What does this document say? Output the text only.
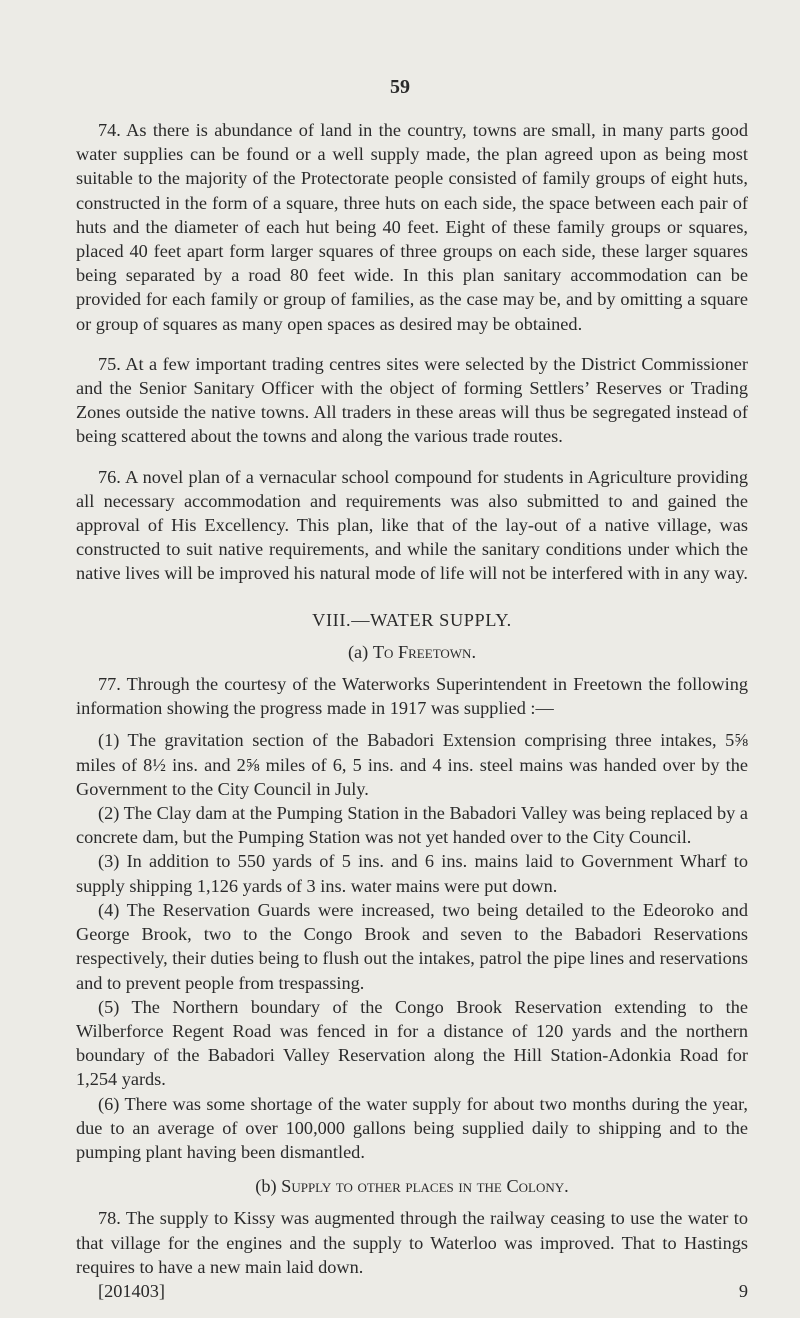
59

74. As there is abundance of land in the country, towns are small, in many parts good water supplies can be found or a well supply made, the plan agreed upon as being most suitable to the majority of the Protectorate people consisted of family groups of eight huts, constructed in the form of a square, three huts on each side, the space between each pair of huts and the diameter of each hut being 40 feet. Eight of these family groups or squares, placed 40 feet apart form larger squares of three groups on each side, these larger squares being separated by a road 80 feet wide. In this plan sanitary accommodation can be provided for each family or group of families, as the case may be, and by omitting a square or group of squares as many open spaces as desired may be obtained.

75. At a few important trading centres sites were selected by the District Commissioner and the Senior Sanitary Officer with the object of forming Settlers’ Reserves or Trading Zones outside the native towns. All traders in these areas will thus be segregated instead of being scattered about the towns and along the various trade routes.

76. A novel plan of a vernacular school compound for students in Agriculture providing all necessary accommodation and requirements was also submitted to and gained the approval of His Excellency. This plan, like that of the lay-out of a native village, was constructed to suit native requirements, and while the sanitary conditions under which the native lives will be improved his natural mode of life will not be interfered with in any way.

VIII.—WATER SUPPLY.
(a) To Freetown.

77. Through the courtesy of the Waterworks Superintendent in Freetown the following information showing the progress made in 1917 was supplied :—

(1) The gravitation section of the Babadori Extension comprising three intakes, 5⅝ miles of 8½ ins. and 2⅝ miles of 6, 5 ins. and 4 ins. steel mains was handed over by the Government to the City Council in July.

(2) The Clay dam at the Pumping Station in the Babadori Valley was being replaced by a concrete dam, but the Pumping Station was not yet handed over to the City Council.

(3) In addition to 550 yards of 5 ins. and 6 ins. mains laid to Government Wharf to supply shipping 1,126 yards of 3 ins. water mains were put down.

(4) The Reservation Guards were increased, two being detailed to the Edeoroko and George Brook, two to the Congo Brook and seven to the Babadori Reservations respectively, their duties being to flush out the intakes, patrol the pipe lines and reservations and to prevent people from trespassing.

(5) The Northern boundary of the Congo Brook Reservation extending to the Wilberforce Regent Road was fenced in for a distance of 120 yards and the northern boundary of the Babadori Valley Reservation along the Hill Station-Adonkia Road for 1,254 yards.

(6) There was some shortage of the water supply for about two months during the year, due to an average of over 100,000 gallons being supplied daily to shipping and to the pumping plant having been dismantled.

(b) Supply to other places in the Colony.

78. The supply to Kissy was augmented through the railway ceasing to use the water to that village for the engines and the supply to Waterloo was improved. That to Hastings requires to have a new main laid down.

[201403]	9
